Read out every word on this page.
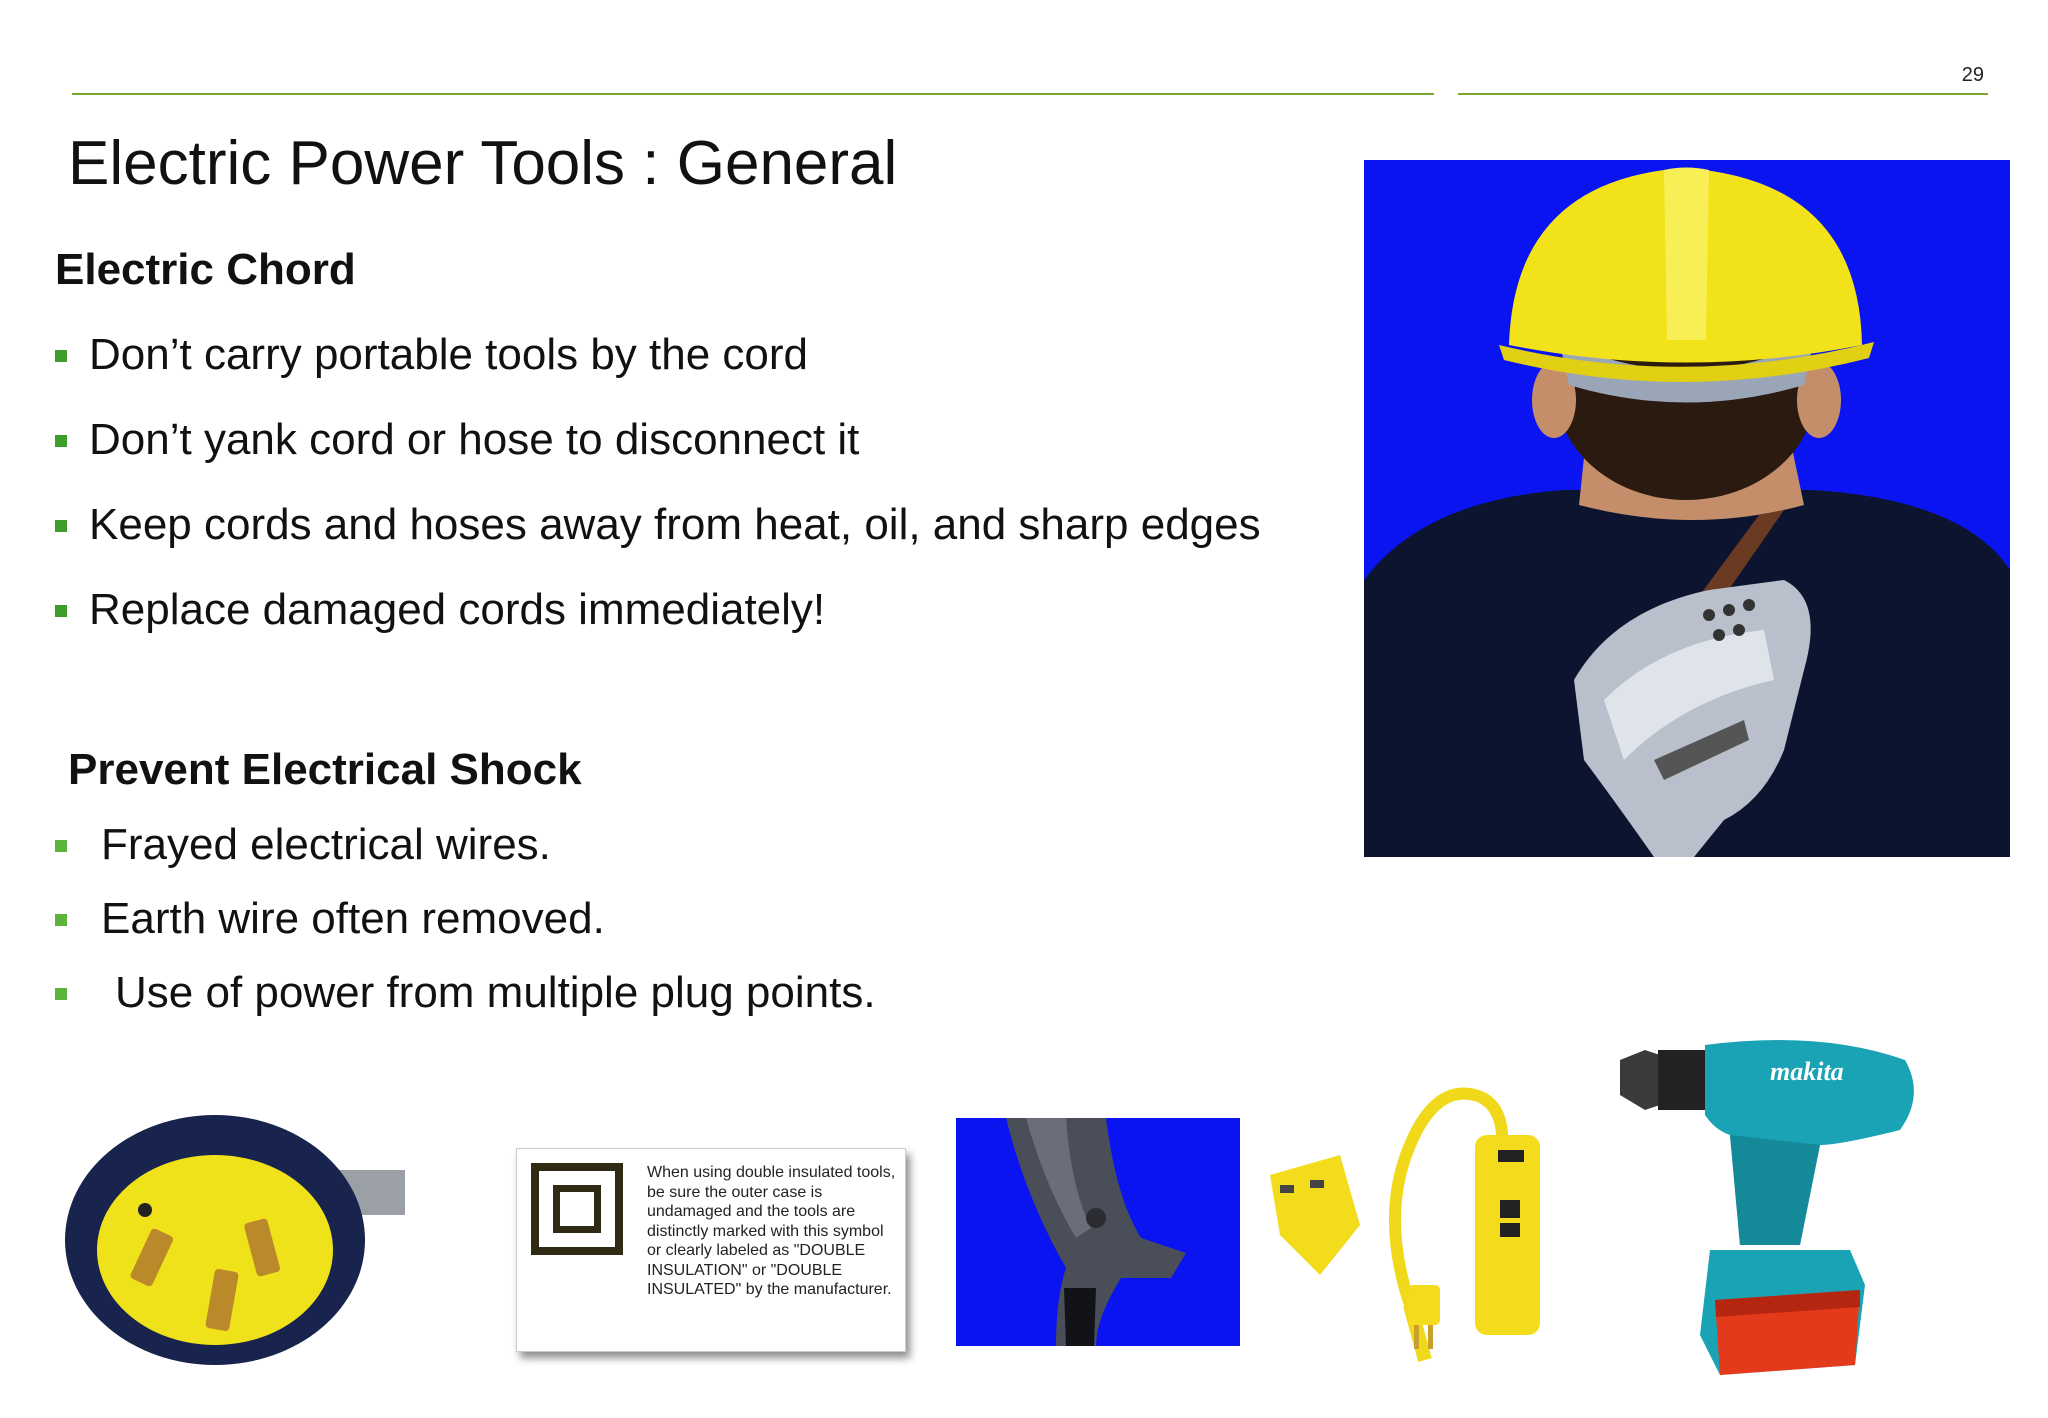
29
Electric Power Tools : General
Electric Chord
Don’t carry portable tools by the cord
Don’t yank cord or hose to disconnect it
Keep cords and hoses away from heat, oil, and sharp edges
Replace damaged cords immediately!
Prevent Electrical Shock
Frayed electrical wires.
Earth wire often removed.
Use of power from multiple plug points.
When using double insulated tools, be sure the outer case is undamaged and the tools are distinctly marked with this symbol or clearly labeled as "DOUBLE INSULATION" or "DOUBLE INSULATED" by the manufacturer.
makita
